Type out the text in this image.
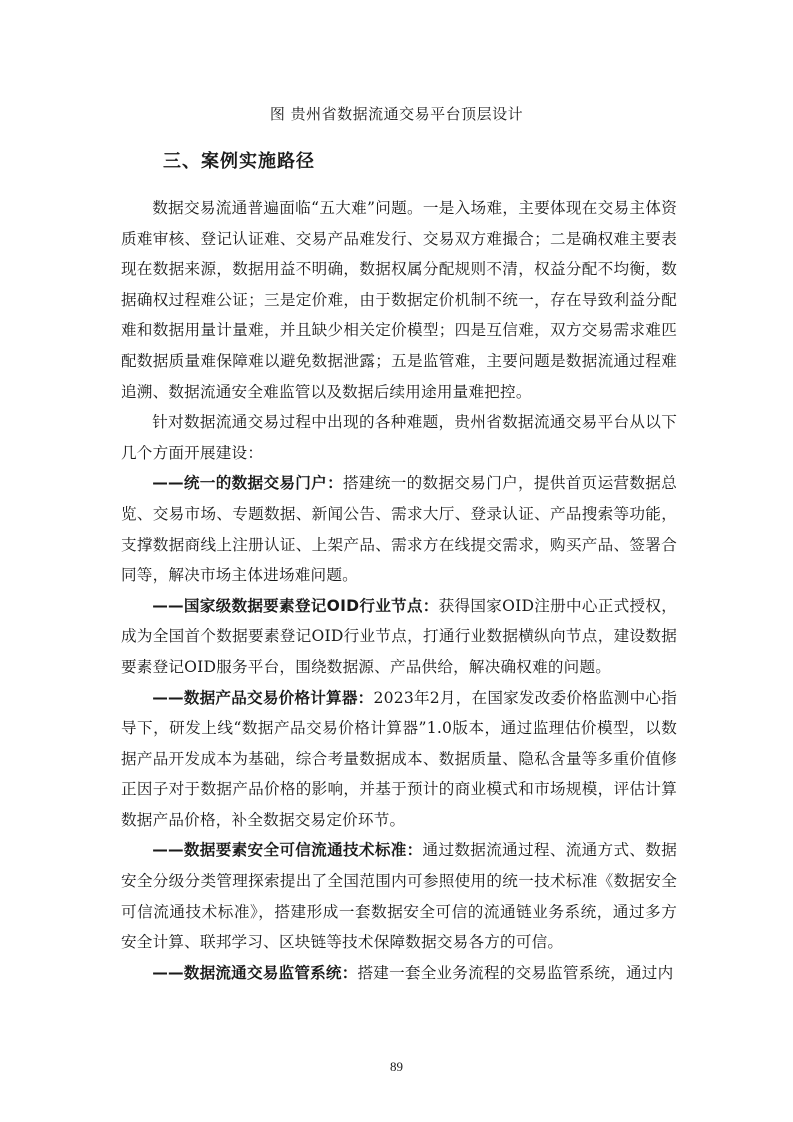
图 贵州省数据流通交易平台顶层设计
三、案例实施路径

数据交易流通普遍面临“五大难”问题。一是入场难，主要体现在交易主体资质难审核、登记认证难、交易产品难发行、交易双方难撮合；二是确权难主要表现在数据来源，数据用益不明确，数据权属分配规则不清，权益分配不均衡，数据确权过程难公证；三是定价难，由于数据定价机制不统一，存在导致利益分配难和数据用量计量难，并且缺少相关定价模型；四是互信难，双方交易需求难匹配数据质量难保障难以避免数据泄露；五是监管难，主要问题是数据流通过程难追溯、数据流通安全难监管以及数据后续用途用量难把控。

针对数据流通交易过程中出现的各种难题，贵州省数据流通交易平台从以下几个方面开展建设：

——统一的数据交易门户：搭建统一的数据交易门户，提供首页运营数据总览、交易市场、专题数据、新闻公告、需求大厅、登录认证、产品搜索等功能，支撑数据商线上注册认证、上架产品、需求方在线提交需求，购买产品、签署合同等，解决市场主体进场难问题。

——国家级数据要素登记OID行业节点：获得国家OID注册中心正式授权，成为全国首个数据要素登记OID行业节点，打通行业数据横纵向节点，建设数据要素登记OID服务平台，围绕数据源、产品供给，解决确权难的问题。

——数据产品交易价格计算器：2023年2月，在国家发改委价格监测中心指导下，研发上线“数据产品交易价格计算器”1.0版本，通过监理估价模型，以数据产品开发成本为基础，综合考量数据成本、数据质量、隐私含量等多重价值修正因子对于数据产品价格的影响，并基于预计的商业模式和市场规模，评估计算数据产品价格，补全数据交易定价环节。

——数据要素安全可信流通技术标准：通过数据流通过程、流通方式、数据安全分级分类管理探索提出了全国范围内可参照使用的统一技术标准《数据安全可信流通技术标准》，搭建形成一套数据安全可信的流通链业务系统，通过多方安全计算、联邦学习、区块链等技术保障数据交易各方的可信。

——数据流通交易监管系统：搭建一套全业务流程的交易监管系统，通过内

89
